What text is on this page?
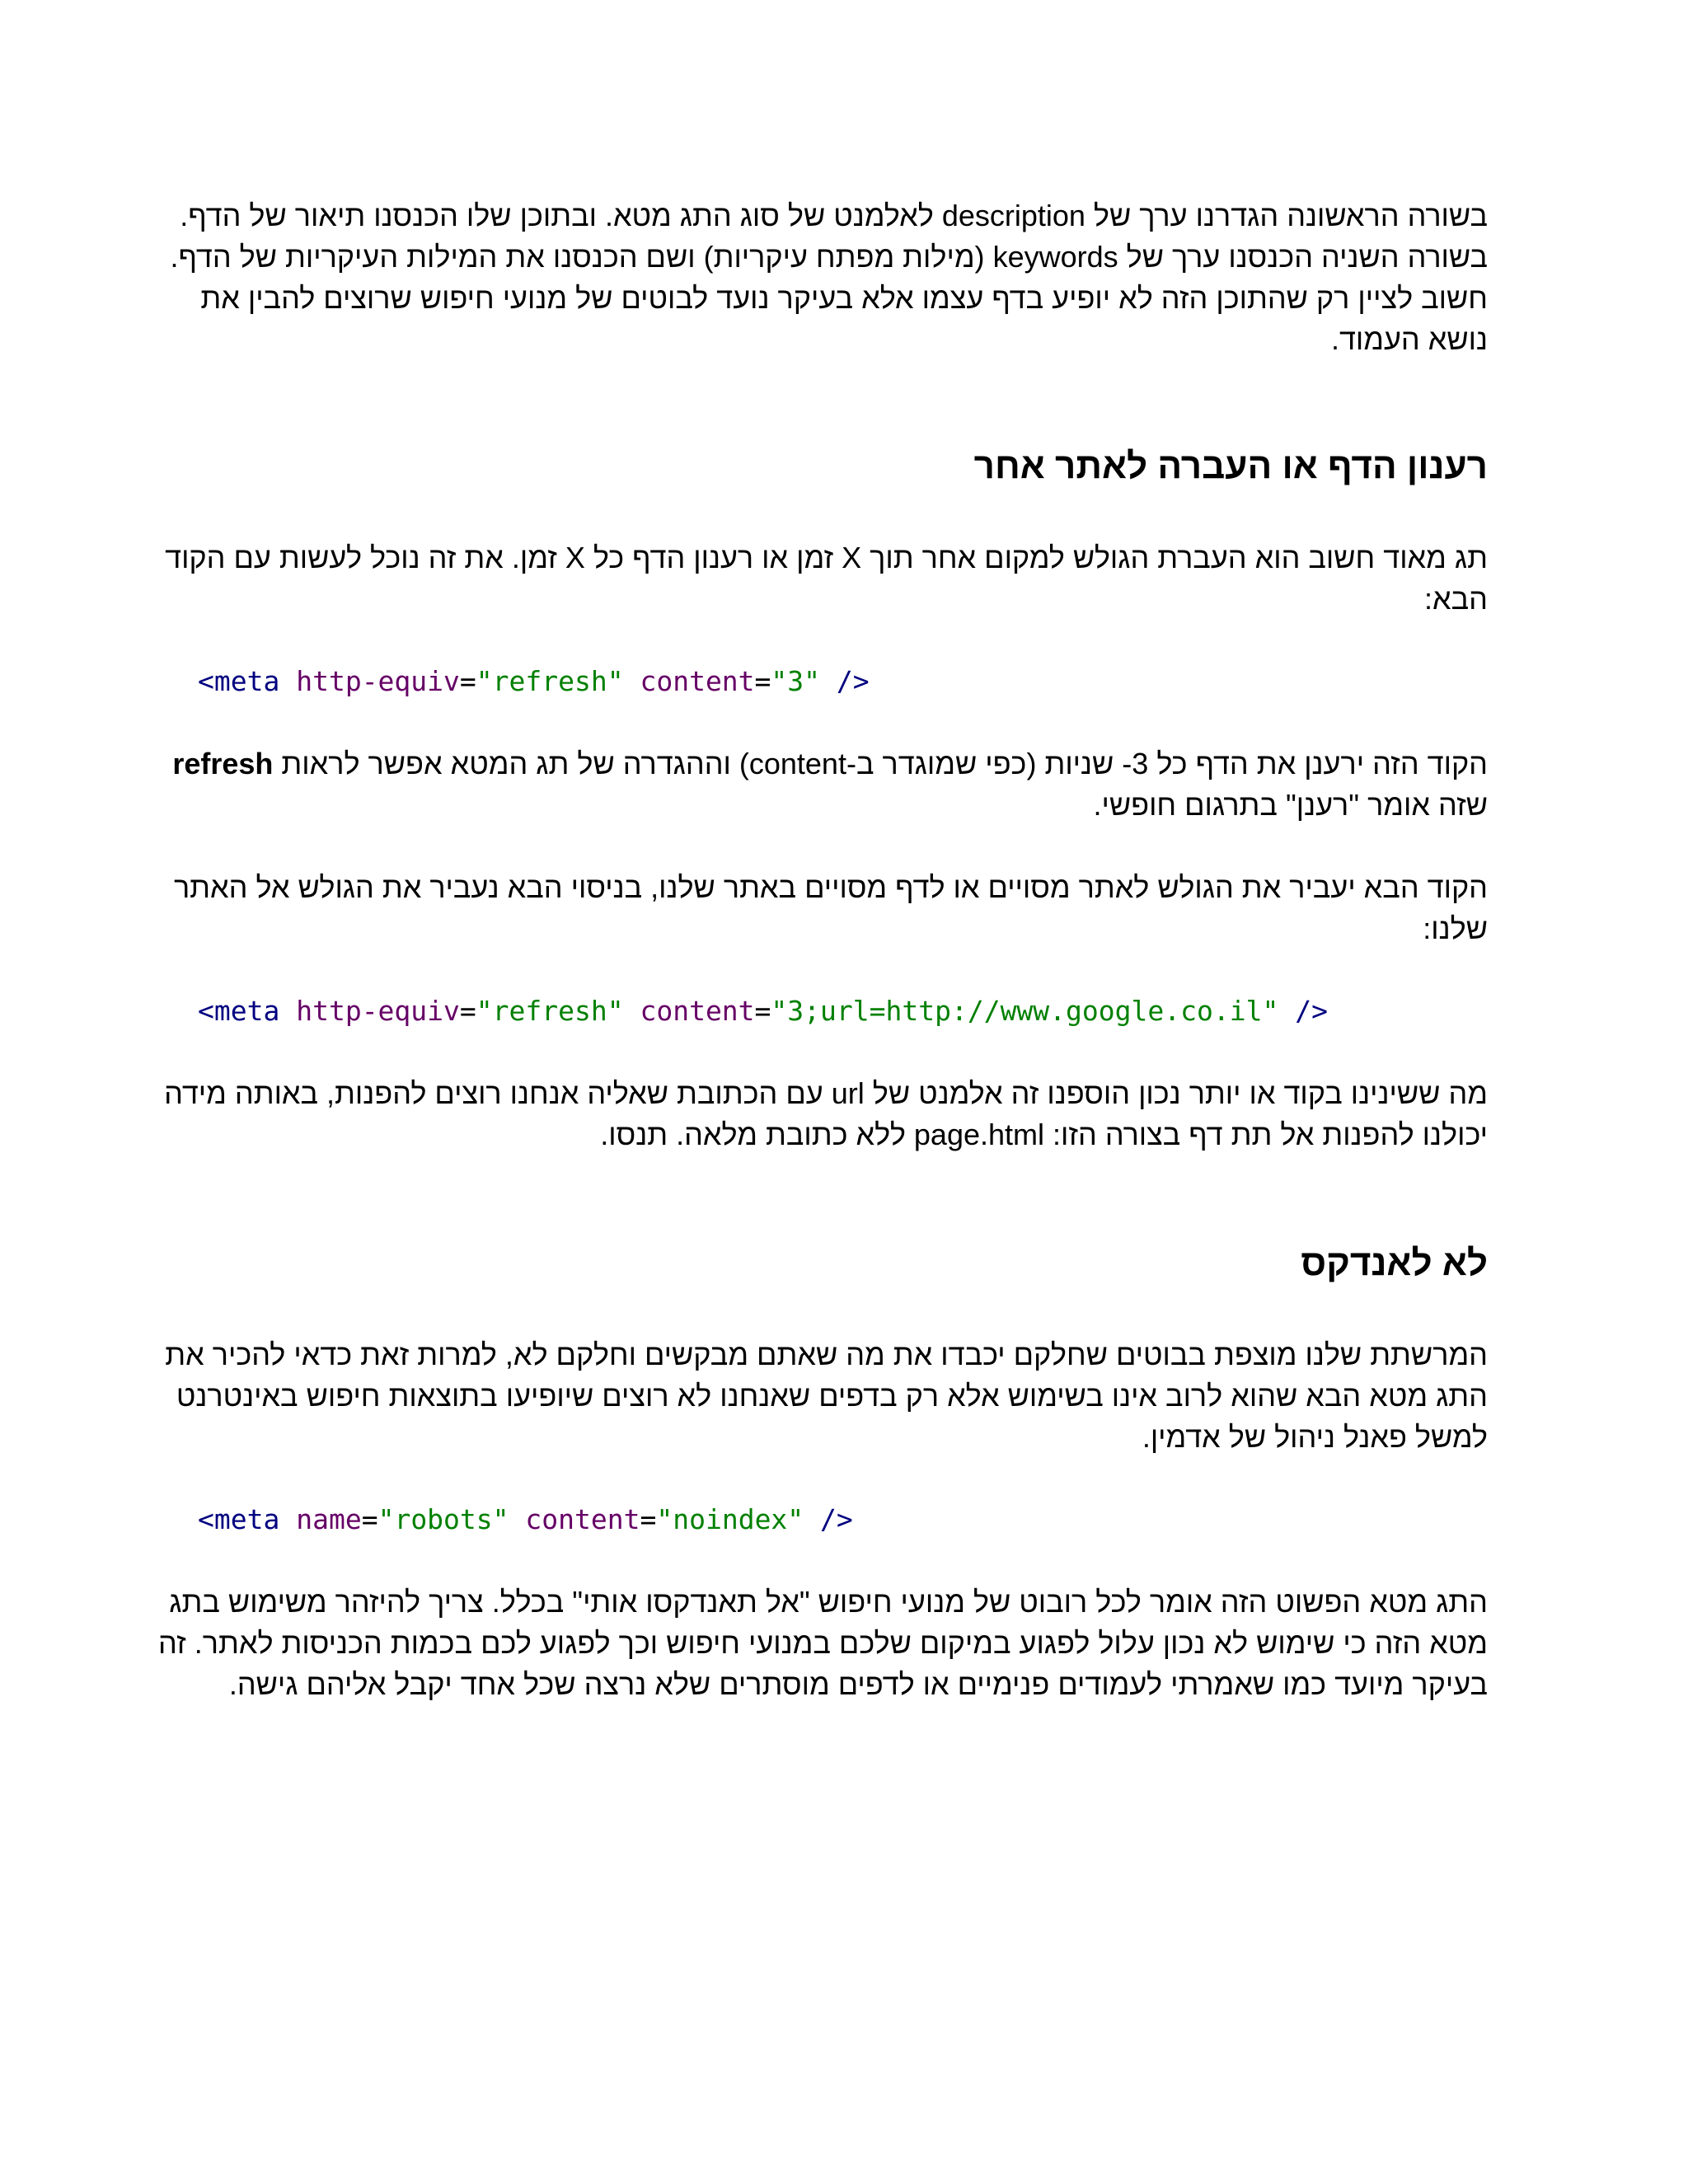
בשורה הראשונה הגדרנו ערך של description לאלמנט של סוג התג מטא. ובתוכן שלו הכנסנו תיאור של הדף.
בשורה השניה הכנסנו ערך של keywords (מילות מפתח עיקריות) ושם הכנסנו את המילות העיקריות של הדף.
חשוב לציין רק שהתוכן הזה לא יופיע בדף עצמו אלא בעיקר נועד לבוטים של מנועי חיפוש שרוצים להבין את
נושא העמוד.
רענון הדף או העברה לאתר אחר
תג מאוד חשוב הוא העברת הגולש למקום אחר תוך X זמן או רענון הדף כל X זמן. את זה נוכל לעשות עם הקוד
הבא:
<meta http-equiv="refresh" content="3" />
הקוד הזה ירענן את הדף כל 3- שניות (כפי שמוגדר ב-content) וההגדרה של תג המטא אפשר לראות refresh
שזה אומר "רענן" בתרגום חופשי.
הקוד הבא יעביר את הגולש לאתר מסויים או לדף מסויים באתר שלנו, בניסוי הבא נעביר את הגולש אל האתר
שלנו:
<meta http-equiv="refresh" content="3;url=http://www.google.co.il" />
מה ששינינו בקוד או יותר נכון הוספנו זה אלמנט של url עם הכתובת שאליה אנחנו רוצים להפנות, באותה מידה
יכולנו להפנות אל תת דף בצורה הזו: page.html ללא כתובת מלאה. תנסו.
לא לאנדקס
המרשתת שלנו מוצפת בבוטים שחלקם יכבדו את מה שאתם מבקשים וחלקם לא, למרות זאת כדאי להכיר את
התג מטא הבא שהוא לרוב אינו בשימוש אלא רק בדפים שאנחנו לא רוצים שיופיעו בתוצאות חיפוש באינטרנט
למשל פאנל ניהול של אדמין.
<meta name="robots" content="noindex" />
התג מטא הפשוט הזה אומר לכל רובוט של מנועי חיפוש "אל תאנדקסו אותי" בכלל. צריך להיזהר משימוש בתג
מטא הזה כי שימוש לא נכון עלול לפגוע במיקום שלכם במנועי חיפוש וכך לפגוע לכם בכמות הכניסות לאתר. זה
בעיקר מיועד כמו שאמרתי לעמודים פנימיים או לדפים מוסתרים שלא נרצה שכל אחד יקבל אליהם גישה.
